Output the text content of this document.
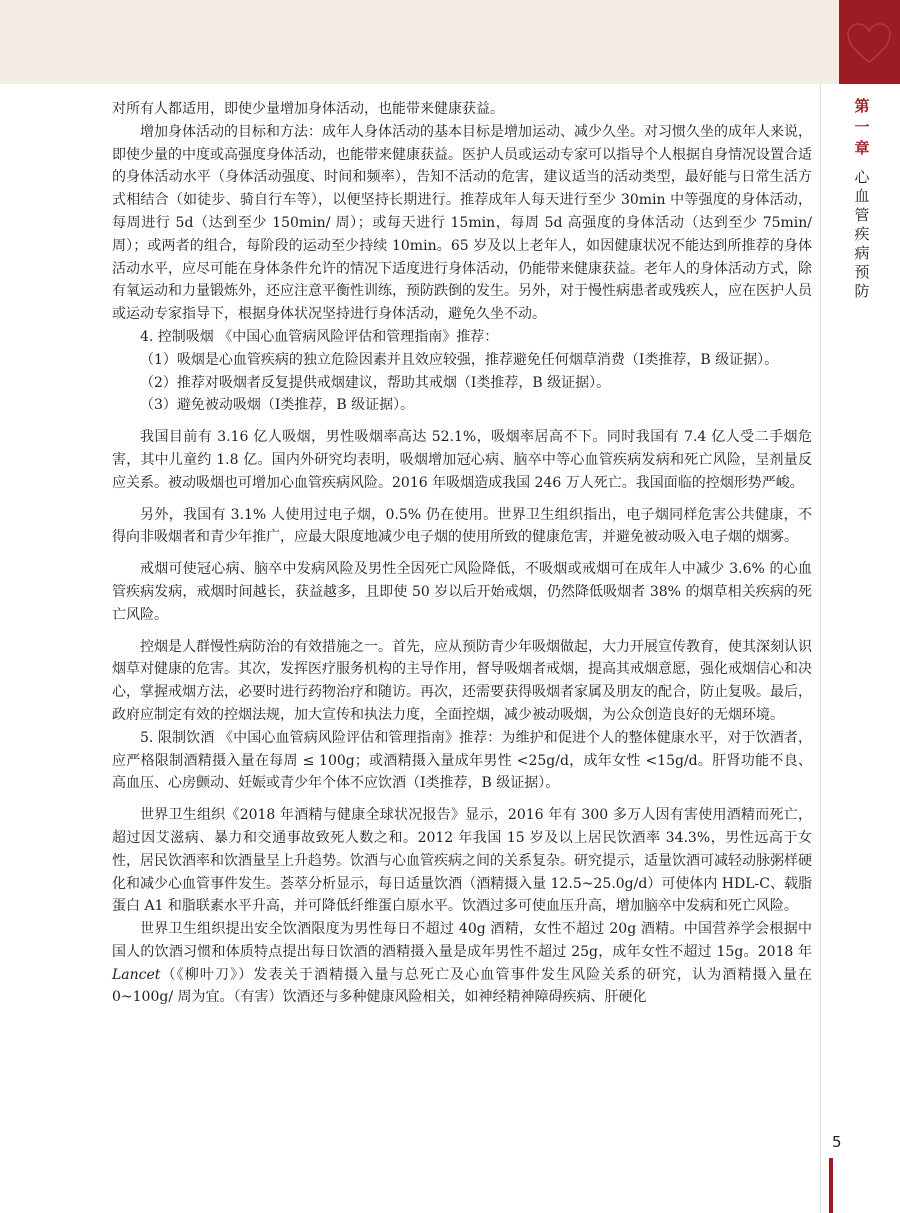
第一章
心血管疾病预防

对所有人都适用，即使少量增加身体活动，也能带来健康获益。

增加身体活动的目标和方法：成年人身体活动的基本目标是增加运动、减少久坐。对习惯久坐的成年人来说，即使少量的中度或高强度身体活动，也能带来健康获益。医护人员或运动专家可以指导个人根据自身情况设置合适的身体活动水平（身体活动强度、时间和频率），告知不活动的危害，建议适当的活动类型，最好能与日常生活方式相结合（如徒步、骑自行车等），以便坚持长期进行。推荐成年人每天进行至少 30min 中等强度的身体活动，每周进行 5d（达到至少 150min/ 周）；或每天进行 15min，每周 5d 高强度的身体活动（达到至少 75min/ 周）；或两者的组合，每阶段的运动至少持续 10min。65 岁及以上老年人，如因健康状况不能达到所推荐的身体活动水平，应尽可能在身体条件允许的情况下适度进行身体活动，仍能带来健康获益。老年人的身体活动方式，除有氧运动和力量锻炼外，还应注意平衡性训练，预防跌倒的发生。另外，对于慢性病患者或残疾人，应在医护人员或运动专家指导下，根据身体状况坚持进行身体活动，避免久坐不动。

4. 控制吸烟 《中国心血管病风险评估和管理指南》推荐：

（1）吸烟是心血管疾病的独立危险因素并且效应较强，推荐避免任何烟草消费（Ⅰ类推荐，B 级证据）。

（2）推荐对吸烟者反复提供戒烟建议，帮助其戒烟（Ⅰ类推荐，B 级证据）。

（3）避免被动吸烟（Ⅰ类推荐，B 级证据）。

我国目前有 3.16 亿人吸烟，男性吸烟率高达 52.1%，吸烟率居高不下。同时我国有 7.4 亿人受二手烟危害，其中儿童约 1.8 亿。国内外研究均表明，吸烟增加冠心病、脑卒中等心血管疾病发病和死亡风险，呈剂量反应关系。被动吸烟也可增加心血管疾病风险。2016 年吸烟造成我国 246 万人死亡。我国面临的控烟形势严峻。

另外，我国有 3.1% 人使用过电子烟，0.5% 仍在使用。世界卫生组织指出，电子烟同样危害公共健康，不得向非吸烟者和青少年推广，应最大限度地减少电子烟的使用所致的健康危害，并避免被动吸入电子烟的烟雾。

戒烟可使冠心病、脑卒中发病风险及男性全因死亡风险降低，不吸烟或戒烟可在成年人中减少 3.6% 的心血管疾病发病，戒烟时间越长，获益越多，且即使 50 岁以后开始戒烟，仍然降低吸烟者 38% 的烟草相关疾病的死亡风险。

控烟是人群慢性病防治的有效措施之一。首先，应从预防青少年吸烟做起，大力开展宣传教育，使其深刻认识烟草对健康的危害。其次，发挥医疗服务机构的主导作用，督导吸烟者戒烟，提高其戒烟意愿，强化戒烟信心和决心，掌握戒烟方法，必要时进行药物治疗和随访。再次，还需要获得吸烟者家属及朋友的配合，防止复吸。最后，政府应制定有效的控烟法规，加大宣传和执法力度，全面控烟，减少被动吸烟，为公众创造良好的无烟环境。

5. 限制饮酒 《中国心血管病风险评估和管理指南》推荐：为维护和促进个人的整体健康水平，对于饮酒者，应严格限制酒精摄入量在每周 ≤ 100g；或酒精摄入量成年男性 <25g/d，成年女性 <15g/d。肝肾功能不良、高血压、心房颤动、妊娠或青少年个体不应饮酒（Ⅰ类推荐，B 级证据）。

世界卫生组织《2018 年酒精与健康全球状况报告》显示，2016 年有 300 多万人因有害使用酒精而死亡，超过因艾滋病、暴力和交通事故致死人数之和。2012 年我国 15 岁及以上居民饮酒率 34.3%，男性远高于女性，居民饮酒率和饮酒量呈上升趋势。饮酒与心血管疾病之间的关系复杂。研究提示，适量饮酒可减轻动脉粥样硬化和减少心血管事件发生。荟萃分析显示，每日适量饮酒（酒精摄入量 12.5~25.0g/d）可使体内 HDL-C、载脂蛋白 A1 和脂联素水平升高，并可降低纤维蛋白原水平。饮酒过多可使血压升高，增加脑卒中发病和死亡风险。

世界卫生组织提出安全饮酒限度为男性每日不超过 40g 酒精，女性不超过 20g 酒精。中国营养学会根据中国人的饮酒习惯和体质特点提出每日饮酒的酒精摄入量是成年男性不超过 25g，成年女性不超过 15g。2018 年 Lancet（《柳叶刀》）发表关于酒精摄入量与总死亡及心血管事件发生风险关系的研究，认为酒精摄入量在 0~100g/ 周为宜。（有害）饮酒还与多种健康风险相关，如神经精神障碍疾病、肝硬化

5
